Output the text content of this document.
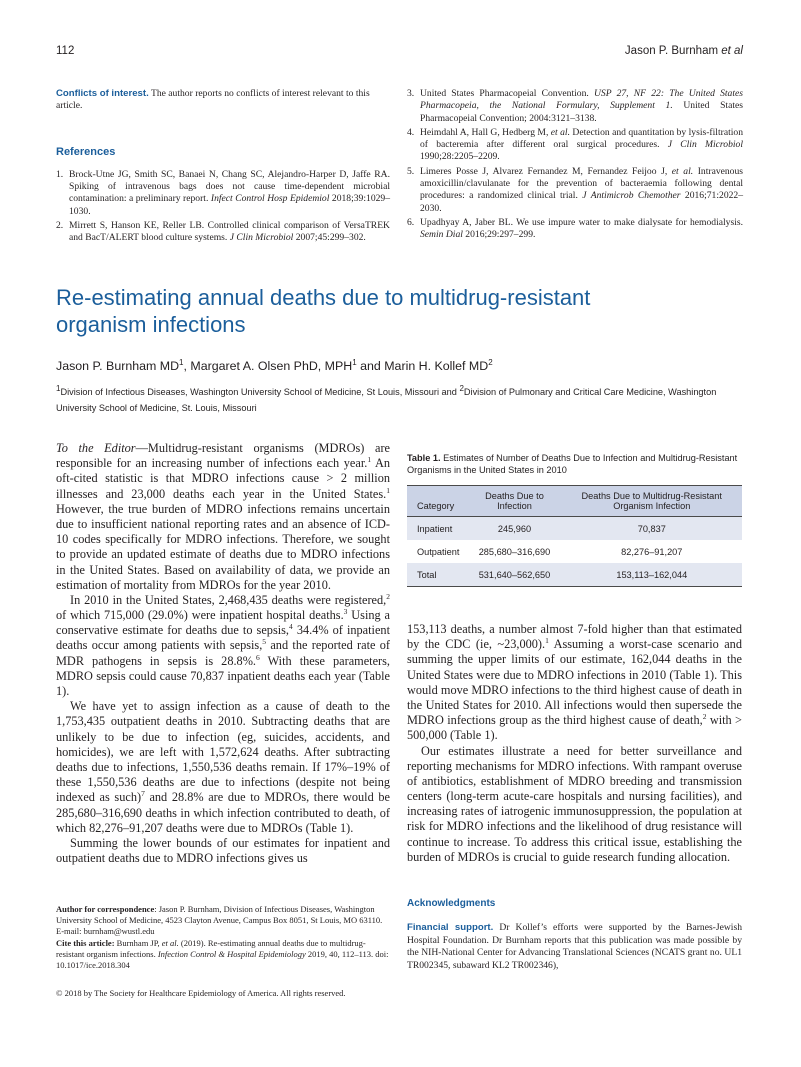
112	Jason P. Burnham et al
Conflicts of interest. The author reports no conflicts of interest relevant to this article.
References
1. Brock-Utne JG, Smith SC, Banaei N, Chang SC, Alejandro-Harper D, Jaffe RA. Spiking of intravenous bags does not cause time-dependent microbial contamination: a preliminary report. Infect Control Hosp Epidemiol 2018;39:1029–1030.
2. Mirrett S, Hanson KE, Reller LB. Controlled clinical comparison of VersaTREK and BacT/ALERT blood culture systems. J Clin Microbiol 2007;45:299–302.
3. United States Pharmacopeial Convention. USP 27, NF 22: The United States Pharmacopeia, the National Formulary, Supplement 1. United States Pharmacopeial Convention; 2004:3121–3138.
4. Heimdahl A, Hall G, Hedberg M, et al. Detection and quantitation by lysis-filtration of bacteremia after different oral surgical procedures. J Clin Microbiol 1990;28:2205–2209.
5. Limeres Posse J, Alvarez Fernandez M, Fernandez Feijoo J, et al. Intravenous amoxicillin/clavulanate for the prevention of bacteraemia following dental procedures: a randomized clinical trial. J Antimicrob Chemother 2016;71:2022–2030.
6. Upadhyay A, Jaber BL. We use impure water to make dialysate for hemodialysis. Semin Dial 2016;29:297–299.
Re-estimating annual deaths due to multidrug-resistant organism infections
Jason P. Burnham $MD^1$, Margaret A. Olsen PhD, MPH$^1$ and Marin H. Kollef $MD^2$
$^1$Division of Infectious Diseases, Washington University School of Medicine, St Louis, Missouri and $^2$Division of Pulmonary and Critical Care Medicine, Washington University School of Medicine, St. Louis, Missouri

To the Editor—Multidrug-resistant organisms (MDROs) are responsible for an increasing number of infections each year.$^1$ An oft-cited statistic is that MDRO infections cause > 2 million illnesses and 23,000 deaths each year in the United States.$^1$ However, the true burden of MDRO infections remains uncertain due to insufficient national reporting rates and an absence of ICD-10 codes specifically for MDRO infections. Therefore, we sought to provide an updated estimate of deaths due to MDRO infections in the United States. Based on availability of data, we provide an estimation of mortality from MDROs for the year 2010.

In 2010 in the United States, 2,468,435 deaths were registered,$^2$ of which 715,000 (29.0%) were inpatient hospital deaths.$^3$ Using a conservative estimate for deaths due to sepsis,$^4$ 34.4% of inpatient deaths occur among patients with sepsis,$^5$ and the reported rate of MDR pathogens in sepsis is 28.8%.$^6$ With these parameters, MDRO sepsis could cause 70,837 inpatient deaths each year (Table 1).

We have yet to assign infection as a cause of death to the 1,753,435 outpatient deaths in 2010. Subtracting deaths that are unlikely to be due to infection (eg, suicides, accidents, and homicides), we are left with 1,572,624 deaths. After subtracting deaths due to infections, 1,550,536 deaths remain. If 17%–19% of these 1,550,536 deaths are due to infections (despite not being indexed as such)$^7$ and 28.8% are due to MDROs, there would be 285,680–316,690 deaths in which infection contributed to death, of which 82,276–91,207 deaths were due to MDROs (Table 1).

Summing the lower bounds of our estimates for inpatient and outpatient deaths due to MDRO infections gives us

Table 1. Estimates of Number of Deaths Due to Infection and Multidrug-Resistant Organisms in the United States in 2010
Category	Deaths Due to Infection	Deaths Due to Multidrug-Resistant Organism Infection
Inpatient	245,960	70,837
Outpatient	285,680–316,690	82,276–91,207
Total	531,640–562,650	153,113–162,044

153,113 deaths, a number almost 7-fold higher than that estimated by the CDC (ie, ~23,000).$^1$ Assuming a worst-case scenario and summing the upper limits of our estimate, 162,044 deaths in the United States were due to MDRO infections in 2010 (Table 1). This would move MDRO infections to the third highest cause of death in the United States for 2010. All infections would then supersede the MDRO infections group as the third highest cause of death,$^2$ with > 500,000 (Table 1).

Our estimates illustrate a need for better surveillance and reporting mechanisms for MDRO infections. With rampant overuse of antibiotics, establishment of MDRO breeding and transmission centers (long-term acute-care hospitals and nursing facilities), and increasing rates of iatrogenic immunosuppression, the population at risk for MDRO infections and the likelihood of drug resistance will continue to increase. To address this critical issue, establishing the burden of MDROs is crucial to guide research funding allocation.

Acknowledgments
Financial support. Dr Kollef’s efforts were supported by the Barnes-Jewish Hospital Foundation. Dr Burnham reports that this publication was made possible by the NIH-National Center for Advancing Translational Sciences (NCATS grant no. UL1 TR002345, subaward KL2 TR002346),

Author for correspondence: Jason P. Burnham, Division of Infectious Diseases, Washington University School of Medicine, 4523 Clayton Avenue, Campus Box 8051, St Louis, MO 63110. E-mail: burnham@wustl.edu

Cite this article: Burnham JP, et al. (2019). Re-estimating annual deaths due to multidrug-resistant organism infections. Infection Control & Hospital Epidemiology 2019, 40, 112–113. doi: 10.1017/ice.2018.304

© 2018 by The Society for Healthcare Epidemiology of America. All rights reserved.
